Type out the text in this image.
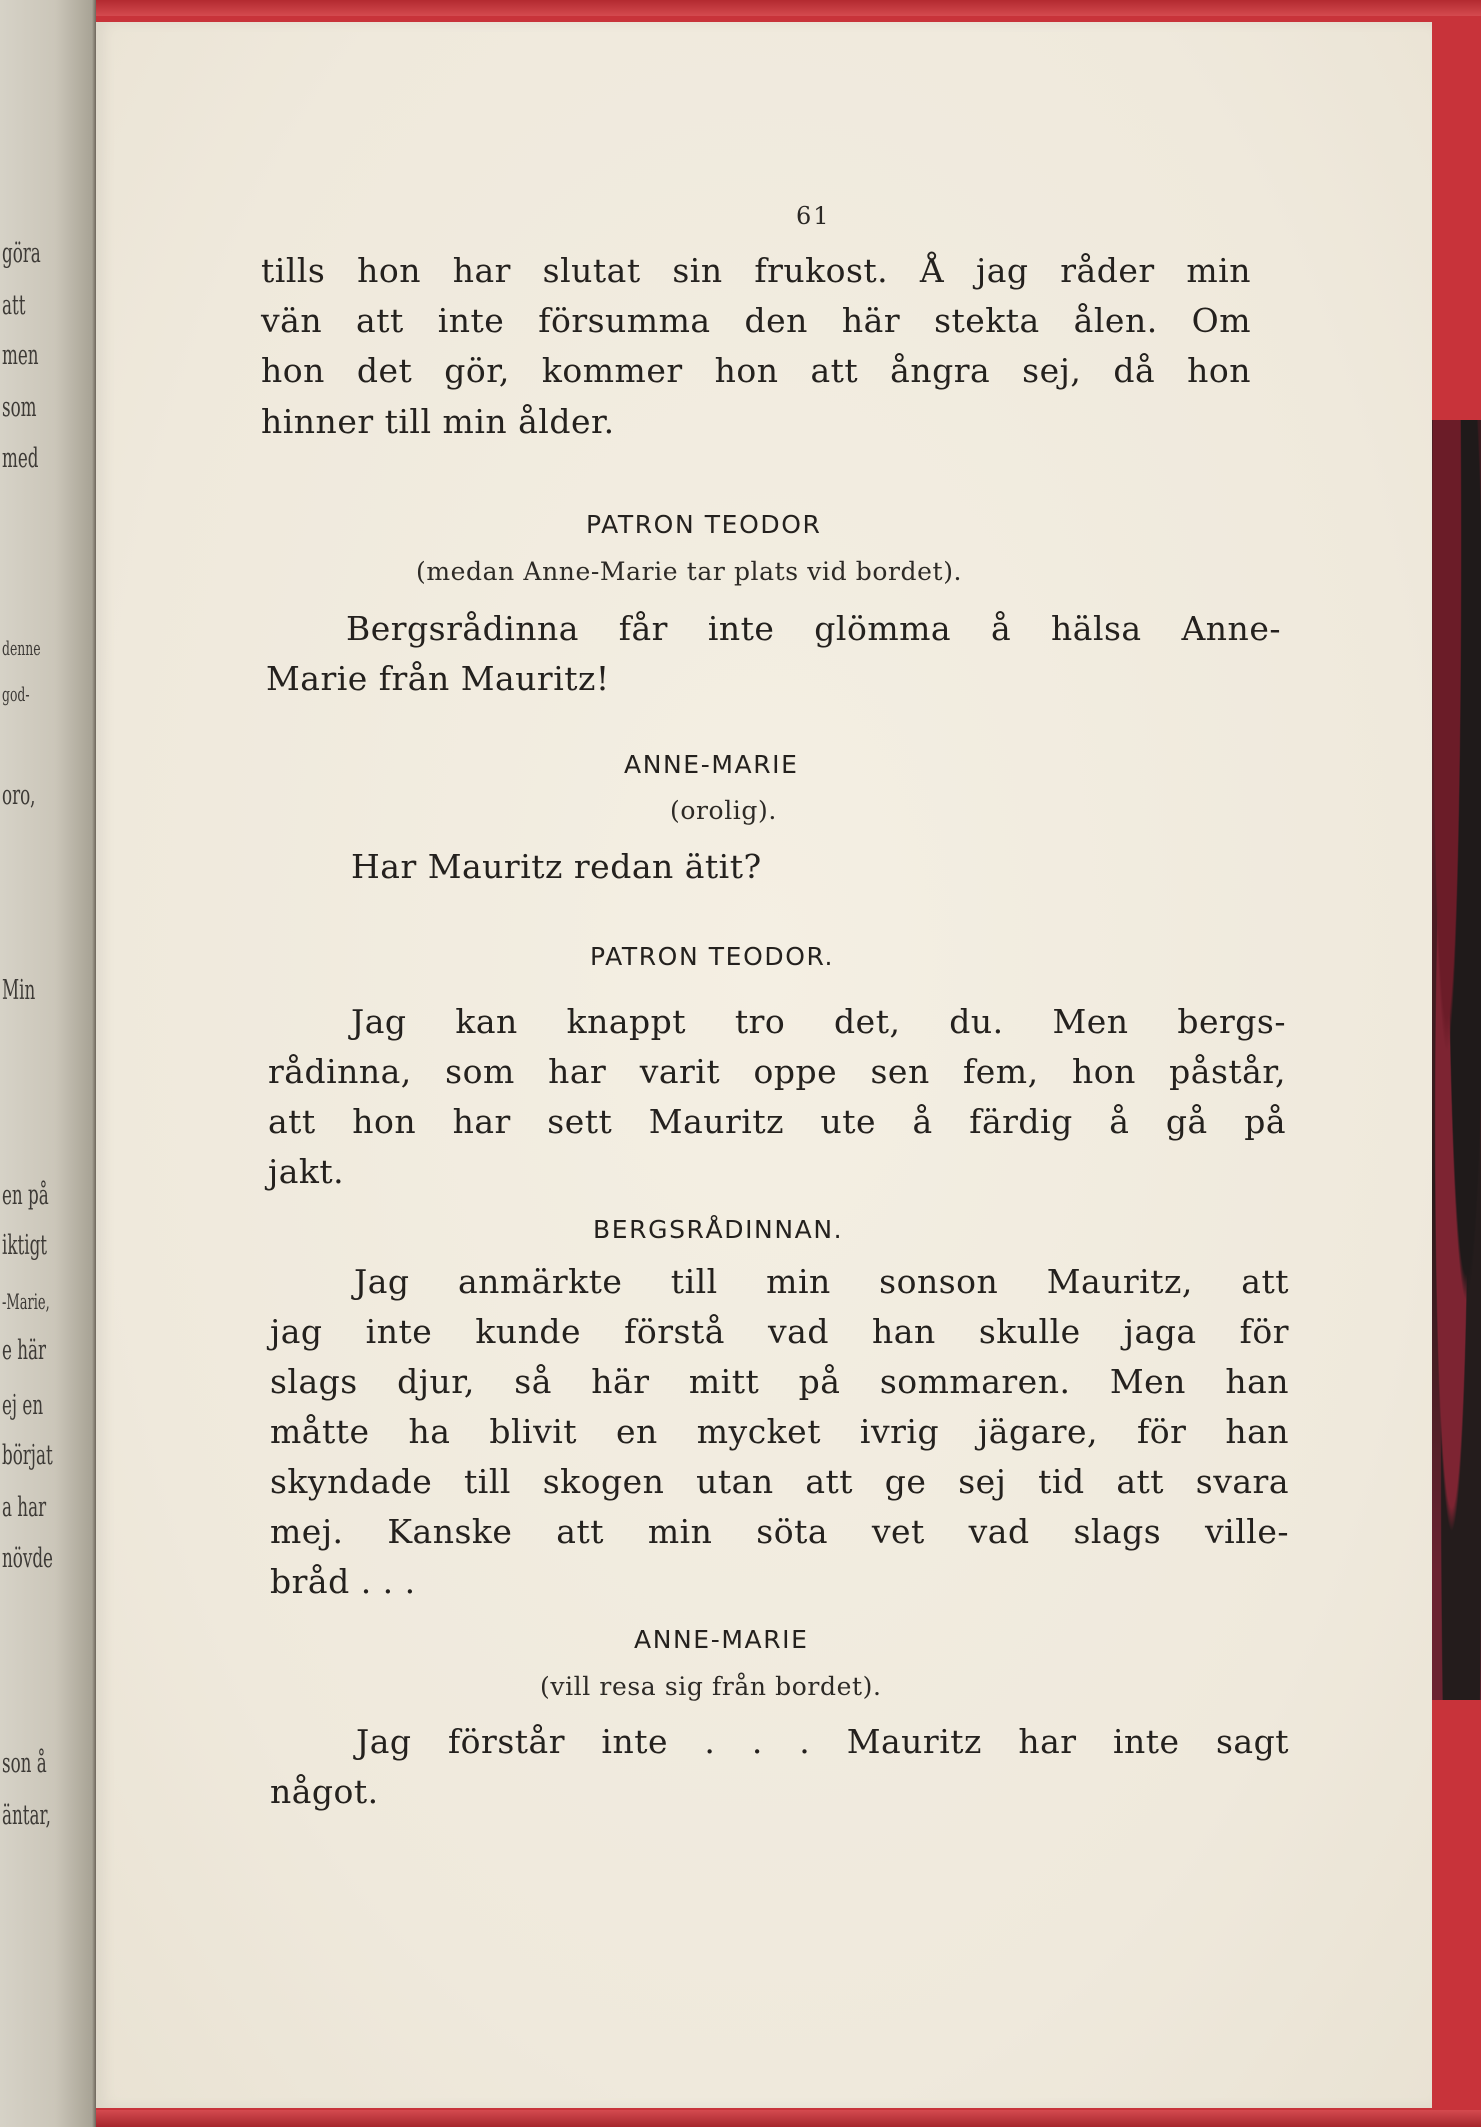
göra
att
men
som
med
denne
god-
oro,
Min
en på
iktigt
-Marie,
e här
ej en
börjat
a har
növde
son å
äntar,
61
tills hon har slutat sin frukost. Å jag råder min
vän att inte försumma den här stekta ålen. Om
hon det gör, kommer hon att ångra sej, då hon
hinner till min ålder.
PATRON TEODOR
(medan Anne-Marie tar plats vid bordet).
Bergsrådinna får inte glömma å hälsa Anne-
Marie från Mauritz!
ANNE-MARIE
(orolig).
Har Mauritz redan ätit?
PATRON TEODOR.
Jag kan knappt tro det, du. Men bergs-
rådinna, som har varit oppe sen fem, hon påstår,
att hon har sett Mauritz ute å färdig å gå på
jakt.
BERGSRÅDINNAN.
Jag anmärkte till min sonson Mauritz, att
jag inte kunde förstå vad han skulle jaga för
slags djur, så här mitt på sommaren. Men han
måtte ha blivit en mycket ivrig jägare, för han
skyndade till skogen utan att ge sej tid att svara
mej. Kanske att min söta vet vad slags ville-
bråd . . .
ANNE-MARIE
(vill resa sig från bordet).
Jag förstår inte . . . Mauritz har inte sagt
något.
